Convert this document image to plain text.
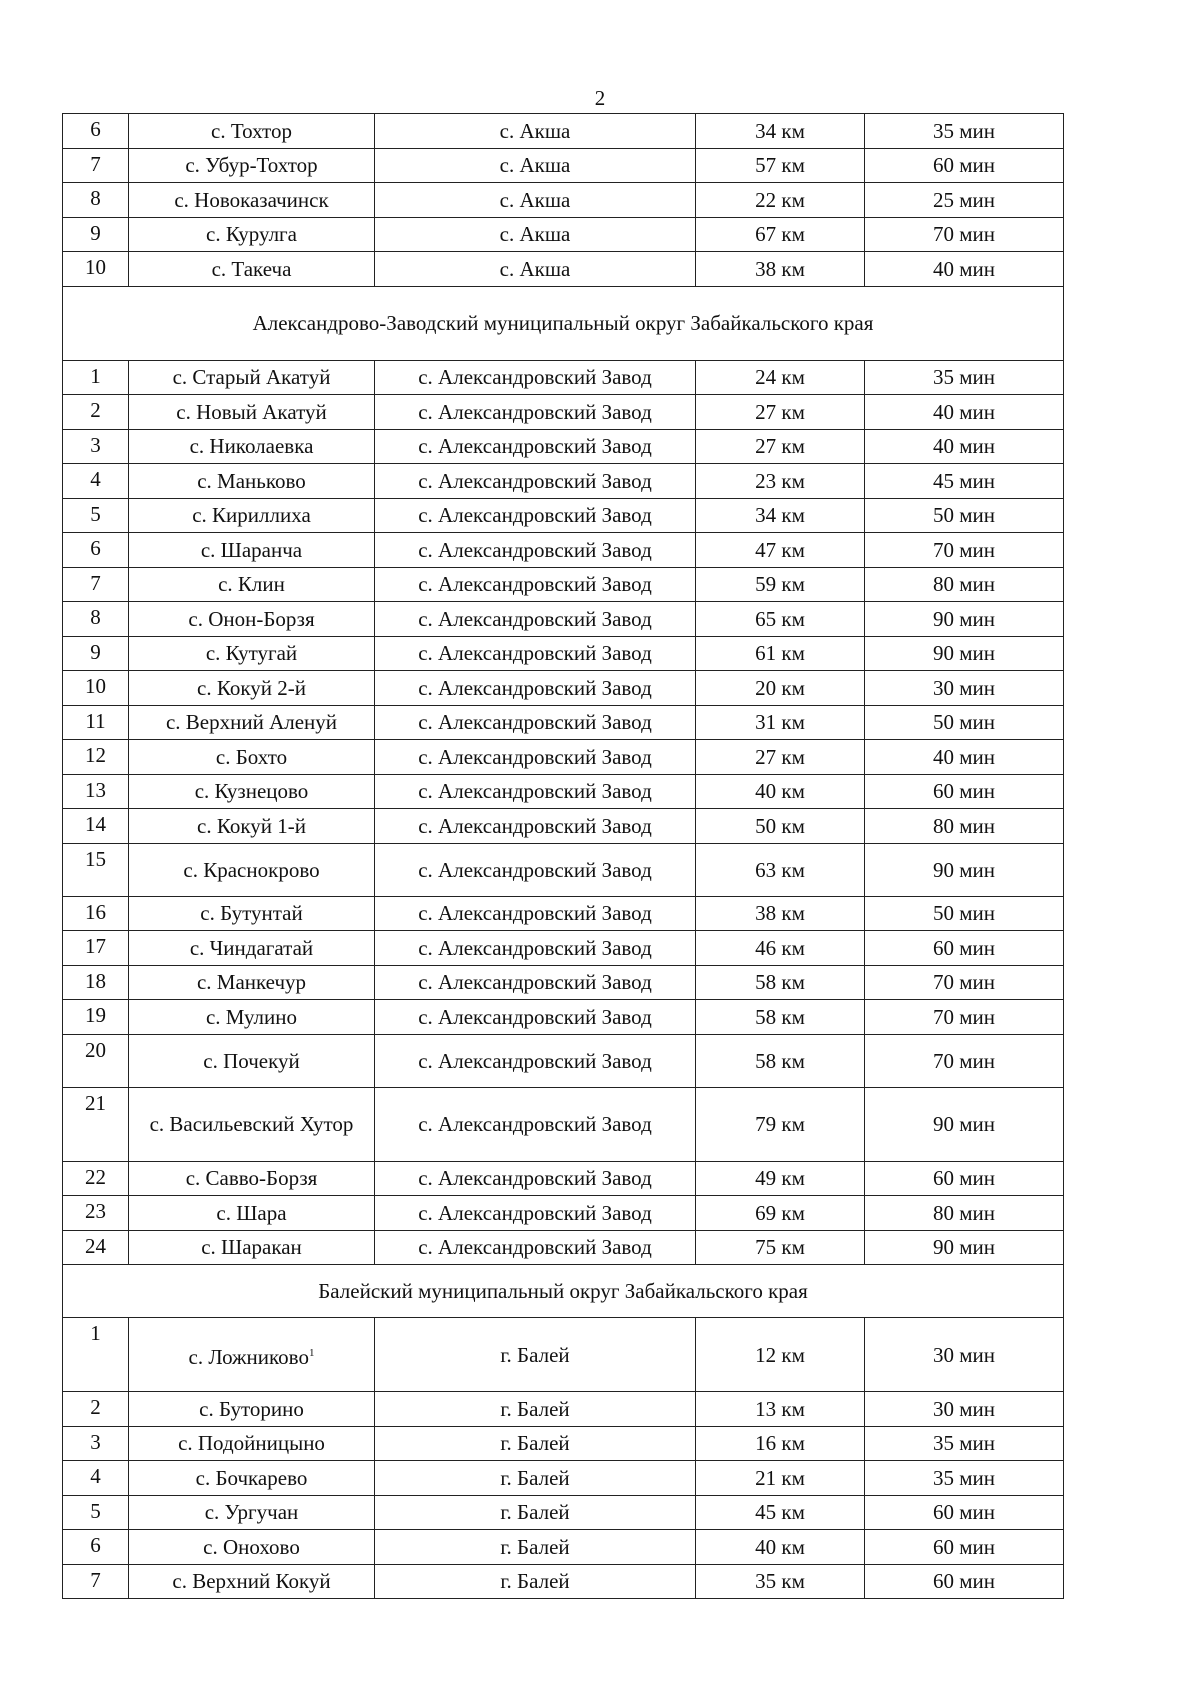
2
6	с. Тохтор	с. Акша	34 км	35 мин
7	с. Убур-Тохтор	с. Акша	57 км	60 мин
8	с. Новоказачинск	с. Акша	22 км	25 мин
9	с. Курулга	с. Акша	67 км	70 мин
10	с. Такеча	с. Акша	38 км	40 мин
Александрово-Заводский муниципальный округ Забайкальского края				
1	с. Старый Акатуй	с. Александровский Завод	24 км	35 мин
2	с. Новый Акатуй	с. Александровский Завод	27 км	40 мин
3	с. Николаевка	с. Александровский Завод	27 км	40 мин
4	с. Маньково	с. Александровский Завод	23 км	45 мин
5	с. Кириллиха	с. Александровский Завод	34 км	50 мин
6	с. Шаранча	с. Александровский Завод	47 км	70 мин
7	с. Клин	с. Александровский Завод	59 км	80 мин
8	с. Онон-Борзя	с. Александровский Завод	65 км	90 мин
9	с. Кутугай	с. Александровский Завод	61 км	90 мин
10	с. Кокуй 2-й	с. Александровский Завод	20 км	30 мин
11	с. Верхний Аленуй	с. Александровский Завод	31 км	50 мин
12	с. Бохто	с. Александровский Завод	27 км	40 мин
13	с. Кузнецово	с. Александровский Завод	40 км	60 мин
14	с. Кокуй 1-й	с. Александровский Завод	50 км	80 мин
15	с. Краснокрово	с. Александровский Завод	63 км	90 мин
16	с. Бутунтай	с. Александровский Завод	38 км	50 мин
17	с. Чиндагатай	с. Александровский Завод	46 км	60 мин
18	с. Манкечур	с. Александровский Завод	58 км	70 мин
19	с. Мулино	с. Александровский Завод	58 км	70 мин
20	с. Почекуй	с. Александровский Завод	58 км	70 мин
21	с. Васильевский Хутор	с. Александровский Завод	79 км	90 мин
22	с. Савво-Борзя	с. Александровский Завод	49 км	60 мин
23	с. Шара	с. Александровский Завод	69 км	80 мин
24	с. Шаракан	с. Александровский Завод	75 км	90 мин
Балейский муниципальный округ Забайкальского края				
1	с. Ложниково$^1$	г. Балей	12 км	30 мин
2	с. Буторино	г. Балей	13 км	30 мин
3	с. Подойницыно	г. Балей	16 км	35 мин
4	с. Бочкарево	г. Балей	21 км	35 мин
5	с. Ургучан	г. Балей	45 км	60 мин
6	с. Онохово	г. Балей	40 км	60 мин
7	с. Верхний Кокуй	г. Балей	35 км	60 мин
